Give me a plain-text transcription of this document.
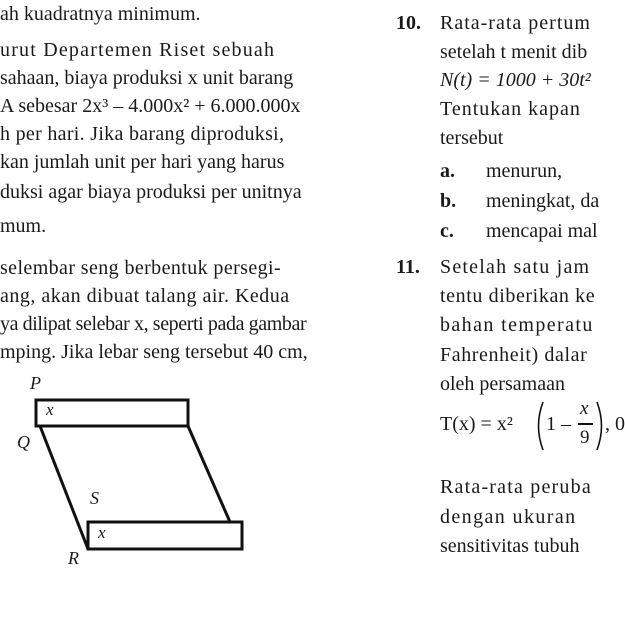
ah kuadratnya minimum.
urut Departemen Riset sebuah
sahaan, biaya produksi x unit barang
A sebesar 2x³ – 4.000x² + 6.000.000x
h per hari. Jika barang diproduksi,
kan jumlah unit per hari yang harus
duksi agar biaya produksi per unitnya
mum.
selembar seng berbentuk persegi-
ang, akan dibuat talang air. Kedua
ya dilipat selebar x, seperti pada gambar
mping. Jika lebar seng tersebut 40 cm,
P
Q
S
R
x
x
10. Rata-rata pertum
setelah t menit dib
N(t) = 1000 + 30t²
Tentukan kapan
tersebut
a. menurun,
b. meningkat, da
c. mencapai mal
11. Setelah satu jam
tentu diberikan ke
bahan temperatu
Fahrenheit) dalar
oleh persamaan
T(x) = x² 1 –
x
9
, 0
Rata-rata peruba
dengan ukuran
sensitivitas tubuh
